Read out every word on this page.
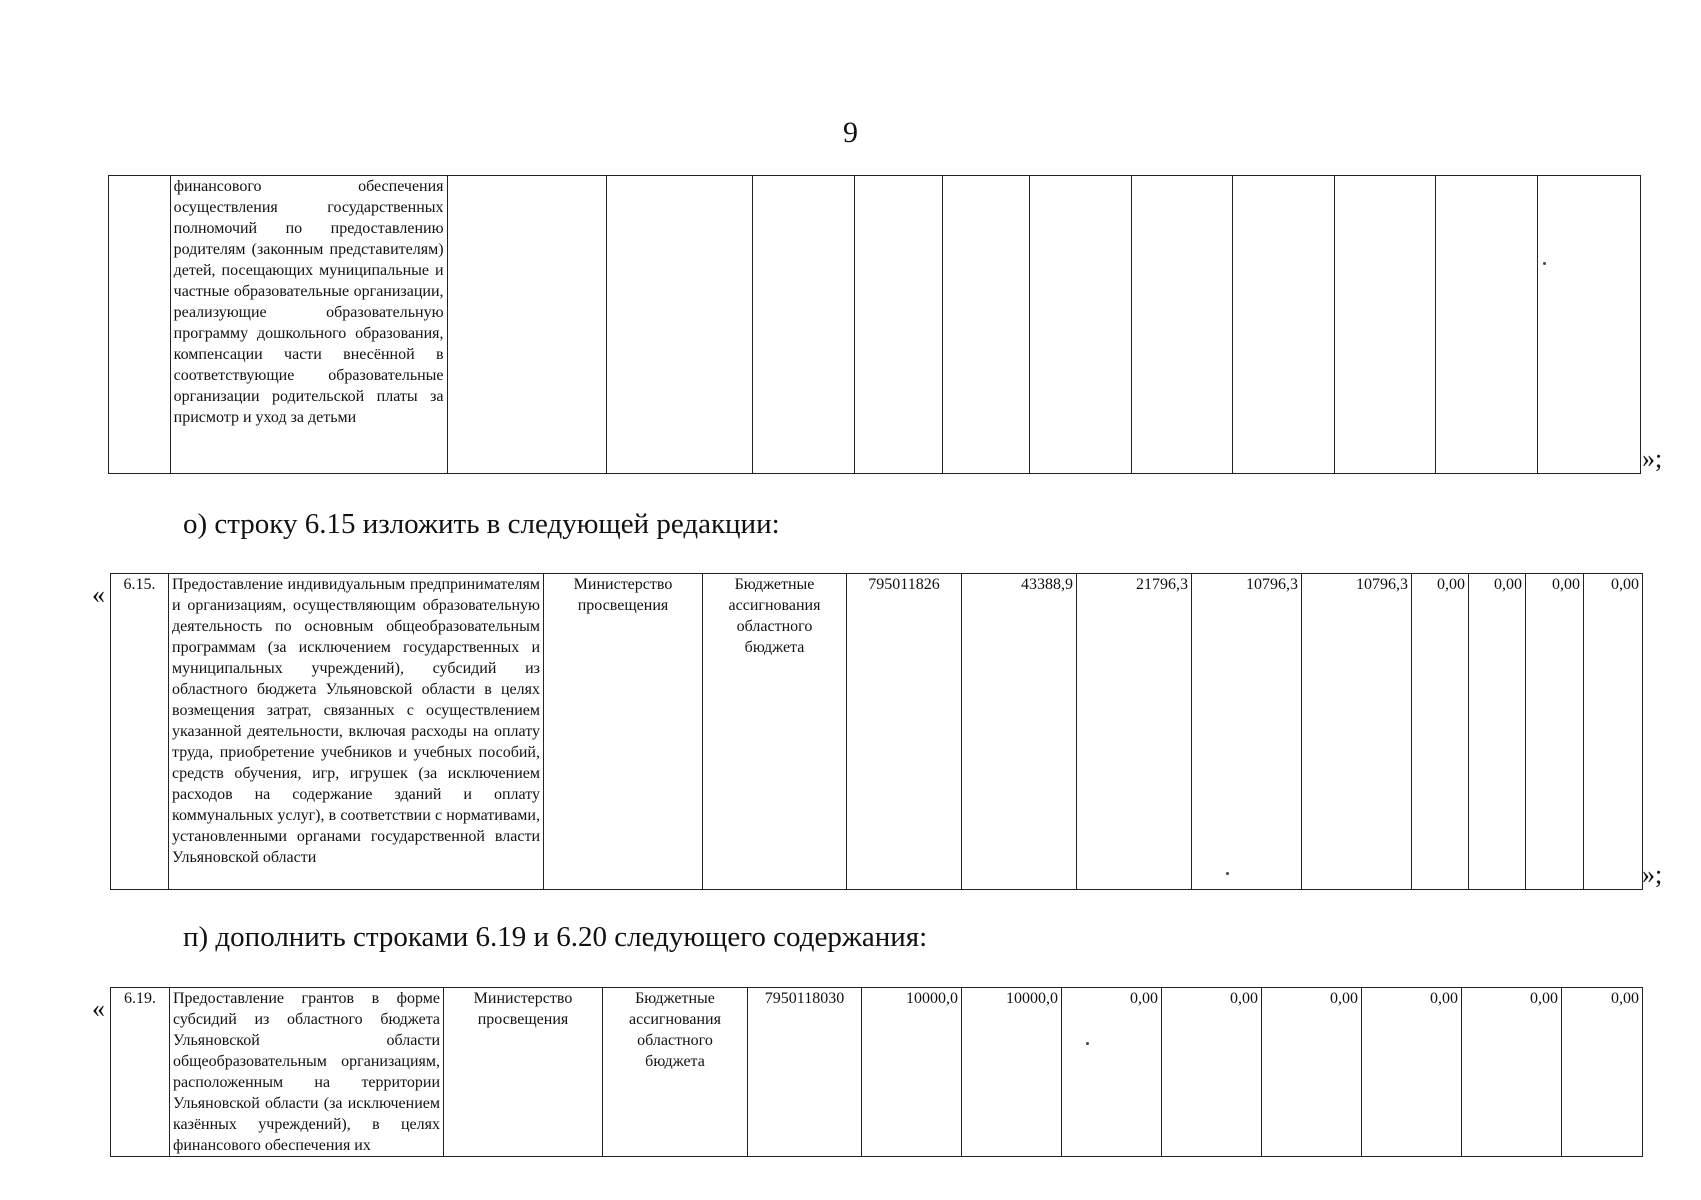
9
	финансового обеспечения осуществления государственных полномочий по предоставлению родителям (законным представителям) детей, посещающих муниципальные и частные образовательные организации, реализующие образовательную программу дошкольного образования, компенсации части внесённой в соответствующие образовательные организации родительской платы за присмотр и уход за детьми											
»;
о) строку 6.15 изложить в следующей редакции:
« 6.15.	Предоставление индивидуальным предпринимателям и организациям, осуществляющим образовательную деятельность по основным общеобразовательным программам (за исключением государственных и муниципальных учреждений), субсидий из областного бюджета Ульяновской области в целях возмещения затрат, связанных с осуществлением указанной деятельности, включая расходы на оплату труда, приобретение учебников и учебных пособий, средств обучения, игр, игрушек (за исключением расходов на содержание зданий и оплату коммунальных услуг), в соответствии с нормативами, установленными органами государственной власти Ульяновской области	Министерство просвещения	Бюджетные ассигнования областного бюджета	795011826	43388,9	21796,3	10796,3	10796,3	0,00	0,00	0,00	0,00
»;
п) дополнить строками 6.19 и 6.20 следующего содержания:
« 6.19.	Предоставление грантов в форме субсидий из областного бюджета Ульяновской области общеобразовательным организациям, расположенным на территории Ульяновской области (за исключением казённых учреждений), в целях финансового обеспечения их	Министерство просвещения	Бюджетные ассигнования областного бюджета	7950118030	10000,0	10000,0	0,00	0,00	0,00	0,00	0,00	0,00
